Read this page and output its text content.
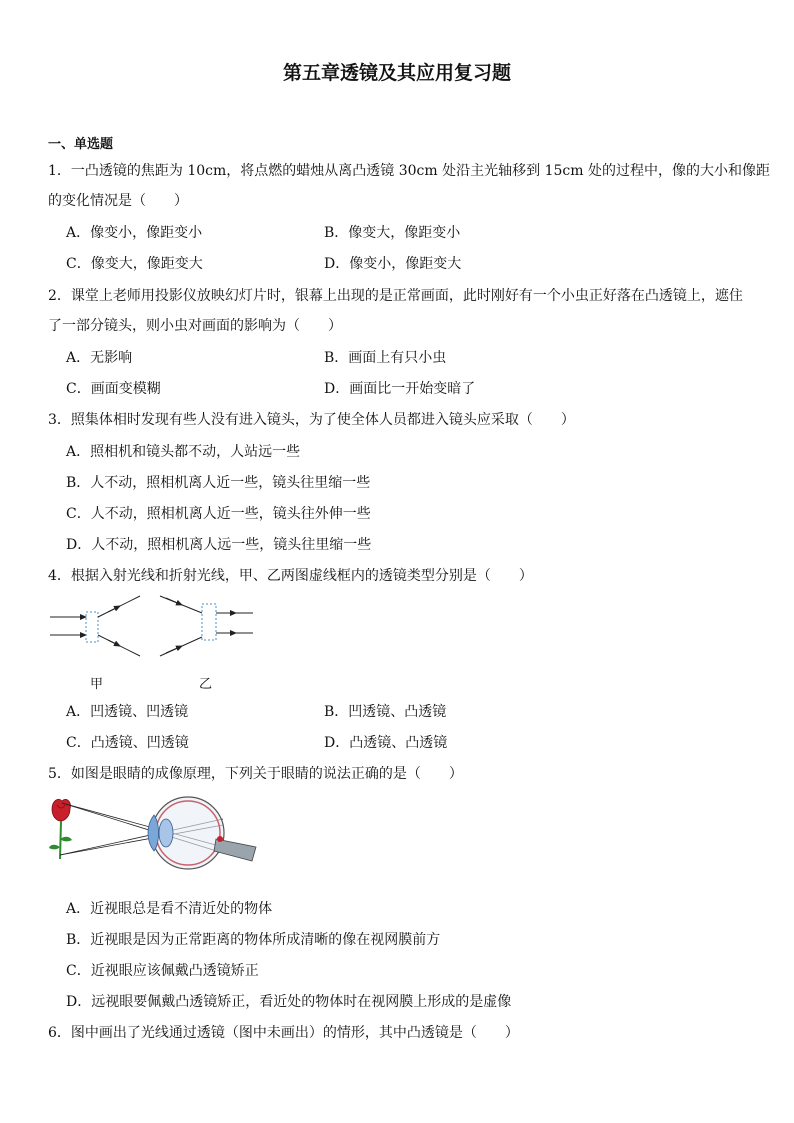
第五章透镜及其应用复习题
一、单选题
1．一凸透镜的焦距为 10cm，将点燃的蜡烛从离凸透镜 30cm 处沿主光轴移到 15cm 处的过程中，像的大小和像距
的变化情况是（　　）
A．像变小，像距变小	B．像变大，像距变小
C．像变大，像距变大	D．像变小，像距变大
2．课堂上老师用投影仪放映幻灯片时，银幕上出现的是正常画面，此时刚好有一个小虫正好落在凸透镜上，遮住
了一部分镜头，则小虫对画面的影响为（　　）
A．无影响	B．画面上有只小虫
C．画面变模糊	D．画面比一开始变暗了
3．照集体相时发现有些人没有进入镜头，为了使全体人员都进入镜头应采取（　　）
A．照相机和镜头都不动，人站远一些
B．人不动，照相机离人近一些，镜头往里缩一些
C．人不动，照相机离人近一些，镜头往外伸一些
D．人不动，照相机离人远一些，镜头往里缩一些
4．根据入射光线和折射光线，甲、乙两图虚线框内的透镜类型分别是（　　）
甲	乙
A．凹透镜、凹透镜	B．凹透镜、凸透镜
C．凸透镜、凹透镜	D．凸透镜、凸透镜
5．如图是眼睛的成像原理，下列关于眼睛的说法正确的是（　　）
A．近视眼总是看不清近处的物体
B．近视眼是因为正常距离的物体所成清晰的像在视网膜前方
C．近视眼应该佩戴凸透镜矫正
D．远视眼要佩戴凸透镜矫正，看近处的物体时在视网膜上形成的是虚像
6．图中画出了光线通过透镜（图中未画出）的情形，其中凸透镜是（　　）
